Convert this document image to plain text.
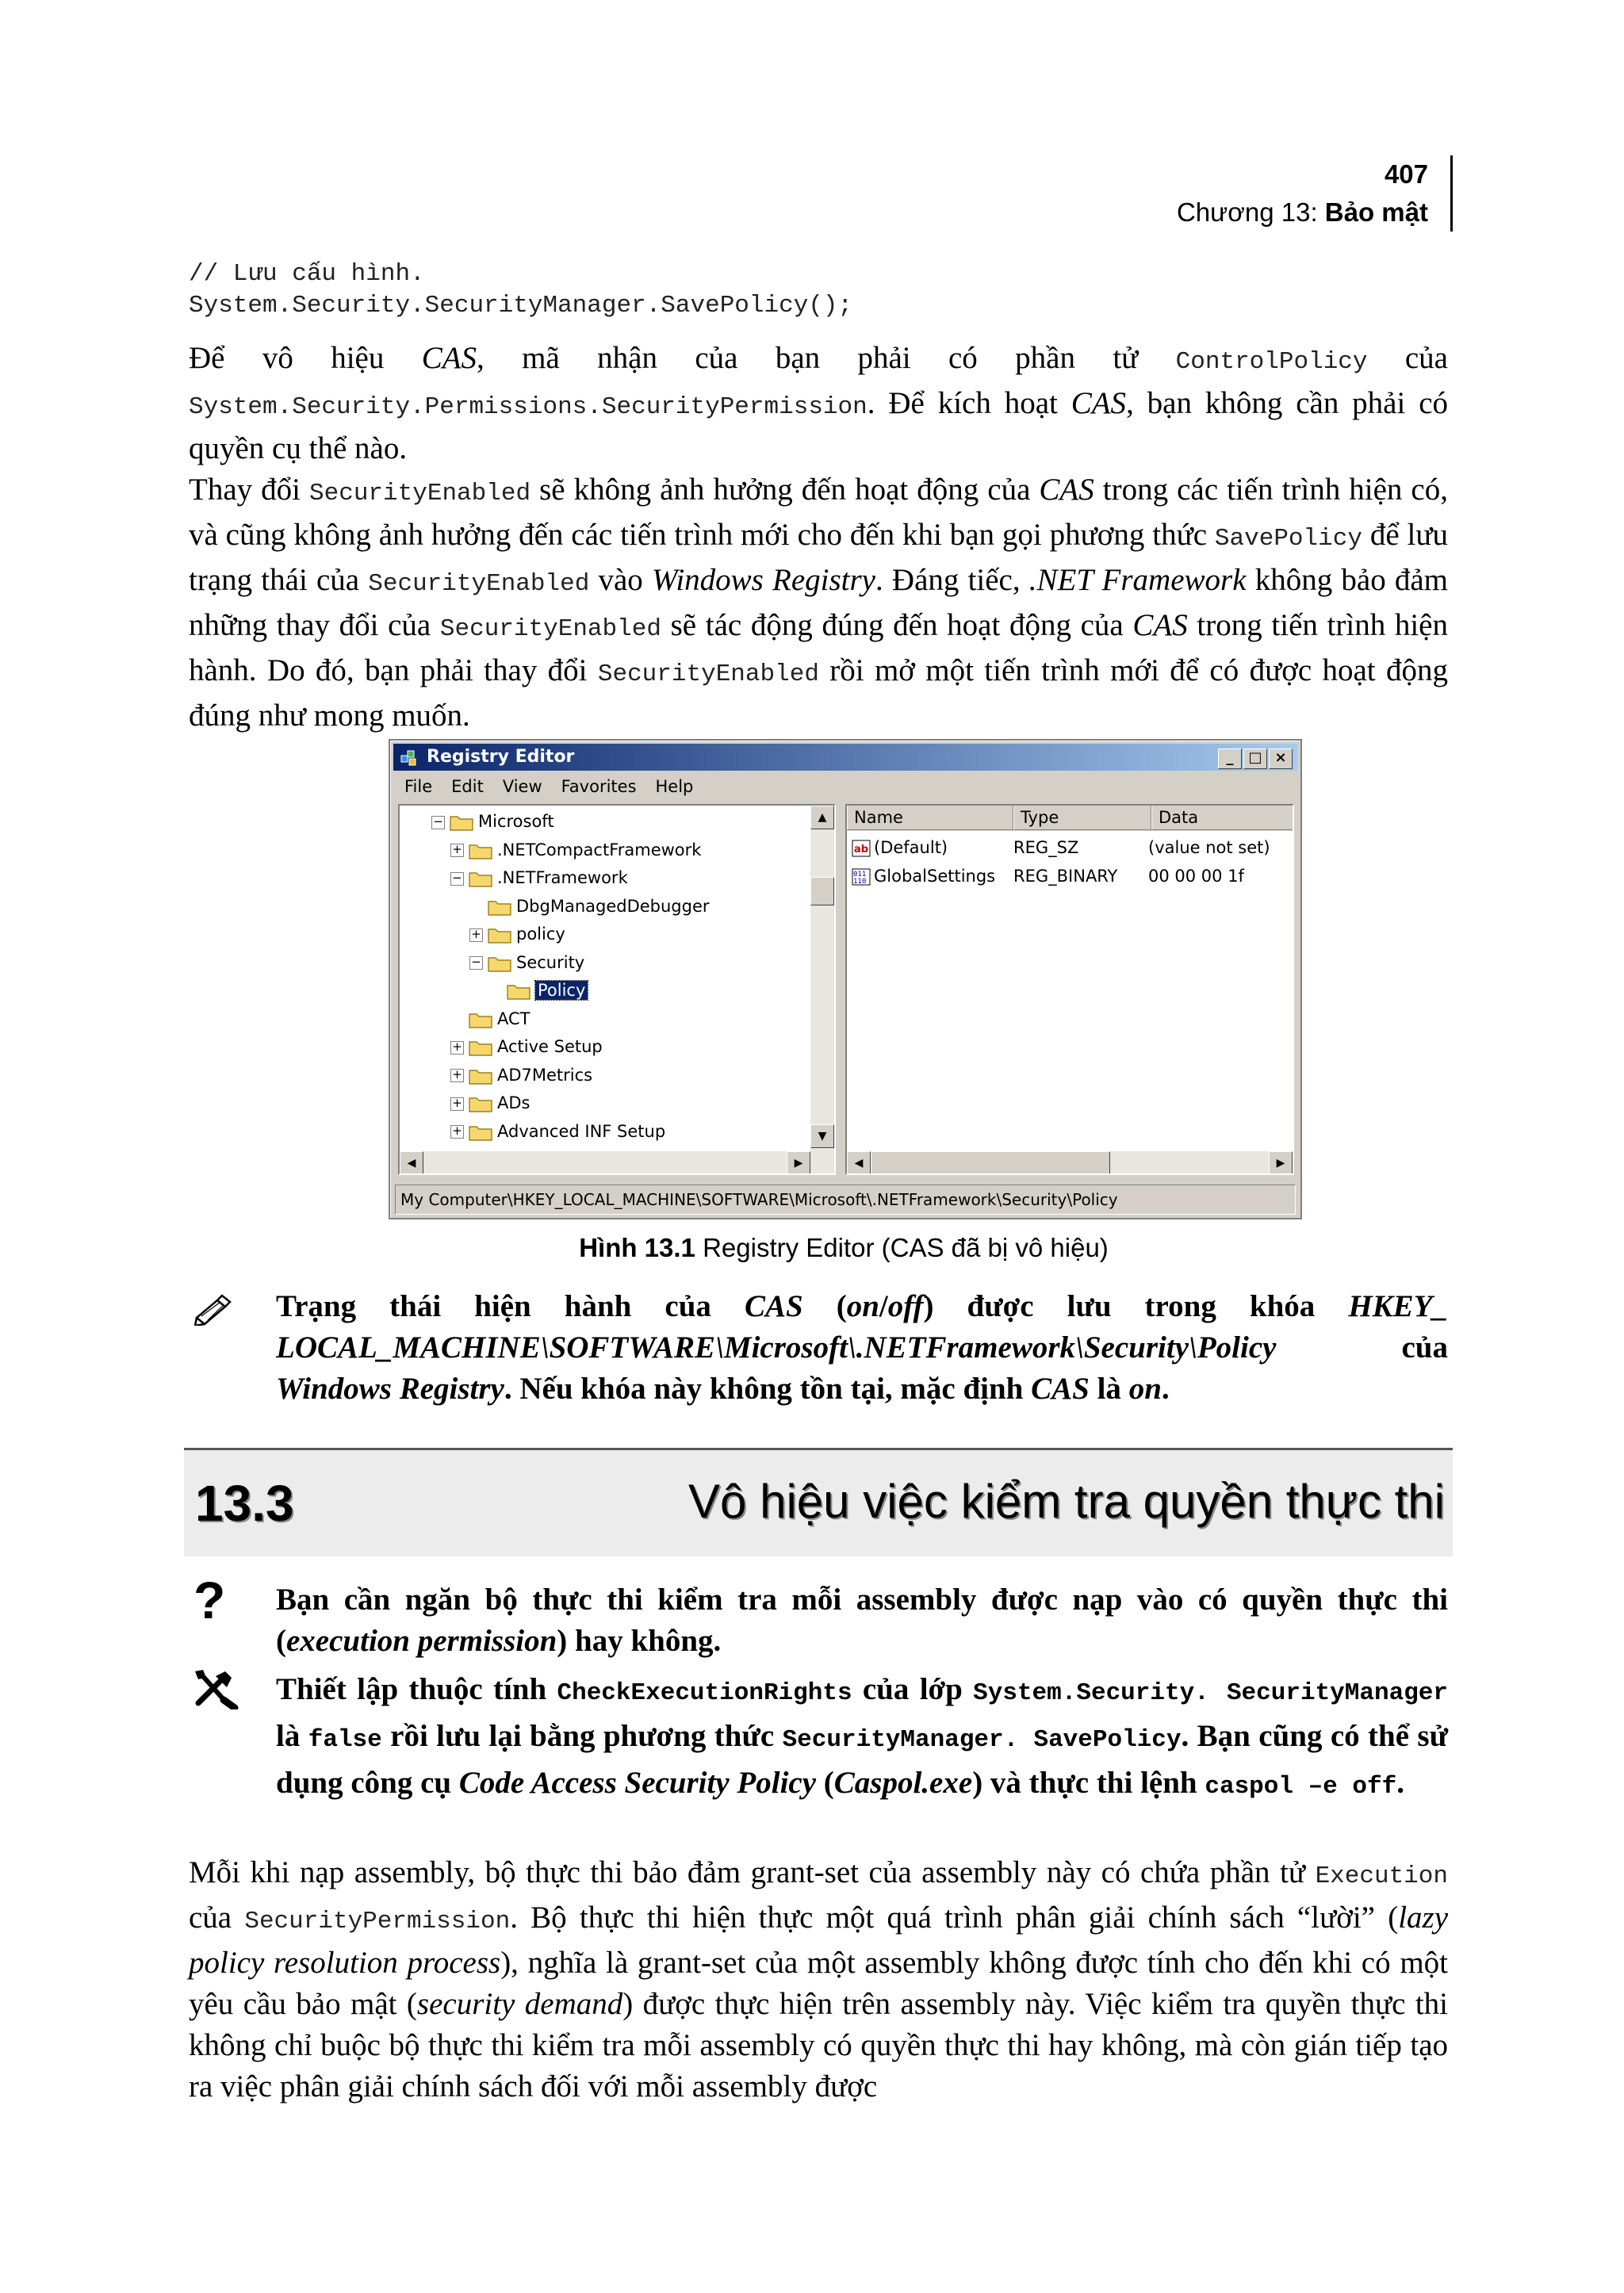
407
Chương 13: Bảo mật
// Lưu cấu hình.
System.Security.SecurityManager.SavePolicy();

Để vô hiệu CAS, mã nhận của bạn phải có phần tử ControlPolicy của System.Security.Permissions.SecurityPermission. Để kích hoạt CAS, bạn không cần phải có quyền cụ thể nào.

Thay đổi SecurityEnabled sẽ không ảnh hưởng đến hoạt động của CAS trong các tiến trình hiện có, và cũng không ảnh hưởng đến các tiến trình mới cho đến khi bạn gọi phương thức SavePolicy để lưu trạng thái của SecurityEnabled vào Windows Registry. Đáng tiếc, .NET Framework không bảo đảm những thay đổi của SecurityEnabled sẽ tác động đúng đến hoạt động của CAS trong tiến trình hiện hành. Do đó, bạn phải thay đổi SecurityEnabled rồi mở một tiến trình mới để có được hoạt động đúng như mong muốn.

Registry Editor	_	□ ×
File Edit View Favorites Help
− Microsoft
+ .NETCompactFramework
− .NETFramework
DbgManagedDebugger
+ policy
− Security
Policy
ACT
+ Active Setup
+ AD7Metrics
+ ADs
+ Advanced INF Setup
▲
▼
◀	▶
Name	Type	Data
ab (Default)	REG_SZ	(value not set)
011
110 GlobalSettings REG_BINARY 00 00 00 1f
◀	▶
My Computer\HKEY_LOCAL_MACHINE\SOFTWARE\Microsoft\.NETFramework\Security\Policy
Hình 13.1 Registry Editor (CAS đã bị vô hiệu)

Trạng thái hiện hành của CAS (on/off) được lưu trong khóa HKEY_ LOCAL_MACHINE\SOFTWARE\Microsoft\.NETFramework\Security\Policy của Windows Registry. Nếu khóa này không tồn tại, mặc định CAS là on.

13.3	Vô hiệu việc kiểm tra quyền thực thi
? Bạn cần ngăn bộ thực thi kiểm tra mỗi assembly được nạp vào có quyền thực thi (execution permission) hay không.

Thiết lập thuộc tính CheckExecutionRights của lớp System.Security. SecurityManager là false rồi lưu lại bằng phương thức SecurityManager. SavePolicy. Bạn cũng có thể sử dụng công cụ Code Access Security Policy (Caspol.exe) và thực thi lệnh caspol –e off.

Mỗi khi nạp assembly, bộ thực thi bảo đảm grant-set của assembly này có chứa phần tử Execution của SecurityPermission. Bộ thực thi hiện thực một quá trình phân giải chính sách “lười” (lazy policy resolution process), nghĩa là grant-set của một assembly không được tính cho đến khi có một yêu cầu bảo mật (security demand) được thực hiện trên assembly này. Việc kiểm tra quyền thực thi không chỉ buộc bộ thực thi kiểm tra mỗi assembly có quyền thực thi hay không, mà còn gián tiếp tạo ra việc phân giải chính sách đối với mỗi assembly được
